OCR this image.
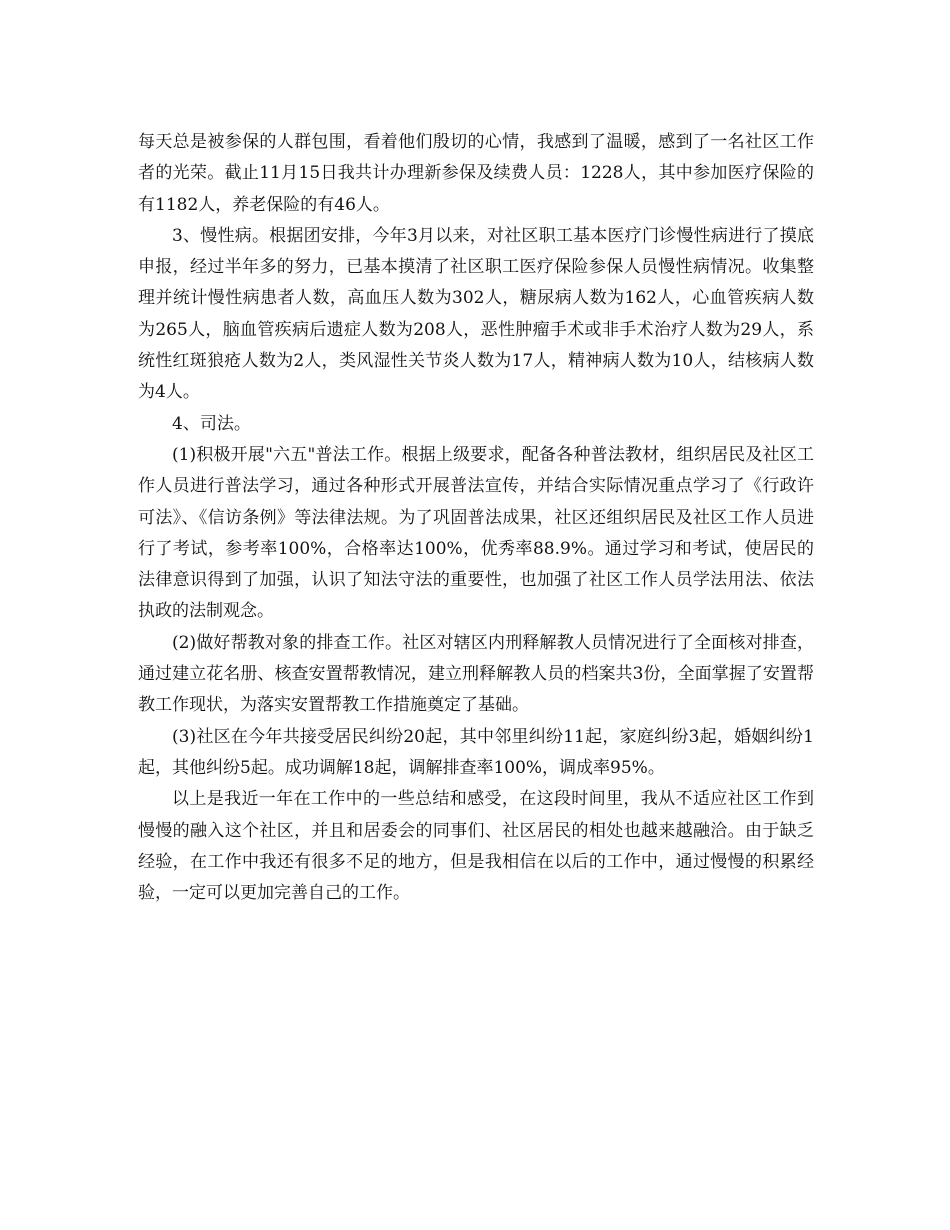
每天总是被参保的人群包围，看着他们殷切的心情，我感到了温暖，感到了一名社区工作者的光荣。截止11月15日我共计办理新参保及续费人员：1228人，其中参加医疗保险的有1182人，养老保险的有46人。

3、慢性病。根据团安排，今年3月以来，对社区职工基本医疗门诊慢性病进行了摸底申报，经过半年多的努力，已基本摸清了社区职工医疗保险参保人员慢性病情况。收集整理并统计慢性病患者人数，高血压人数为302人，糖尿病人数为162人，心血管疾病人数为265人，脑血管疾病后遗症人数为208人，恶性肿瘤手术或非手术治疗人数为29人，系统性红斑狼疮人数为2人，类风湿性关节炎人数为17人，精神病人数为10人，结核病人数为4人。

4、司法。

(1)积极开展"六五"普法工作。根据上级要求，配备各种普法教材，组织居民及社区工作人员进行普法学习，通过各种形式开展普法宣传，并结合实际情况重点学习了《行政许可法》、《信访条例》等法律法规。为了巩固普法成果，社区还组织居民及社区工作人员进行了考试，参考率100%，合格率达100%，优秀率88.9%。通过学习和考试，使居民的法律意识得到了加强，认识了知法守法的重要性，也加强了社区工作人员学法用法、依法执政的法制观念。

(2)做好帮教对象的排查工作。社区对辖区内刑释解教人员情况进行了全面核对排查，通过建立花名册、核查安置帮教情况，建立刑释解教人员的档案共3份，全面掌握了安置帮教工作现状，为落实安置帮教工作措施奠定了基础。

(3)社区在今年共接受居民纠纷20起，其中邻里纠纷11起，家庭纠纷3起，婚姻纠纷1起，其他纠纷5起。成功调解18起，调解排查率100%，调成率95%。

以上是我近一年在工作中的一些总结和感受，在这段时间里，我从不适应社区工作到慢慢的融入这个社区，并且和居委会的同事们、社区居民的相处也越来越融洽。由于缺乏经验，在工作中我还有很多不足的地方，但是我相信在以后的工作中，通过慢慢的积累经验，一定可以更加完善自己的工作。
